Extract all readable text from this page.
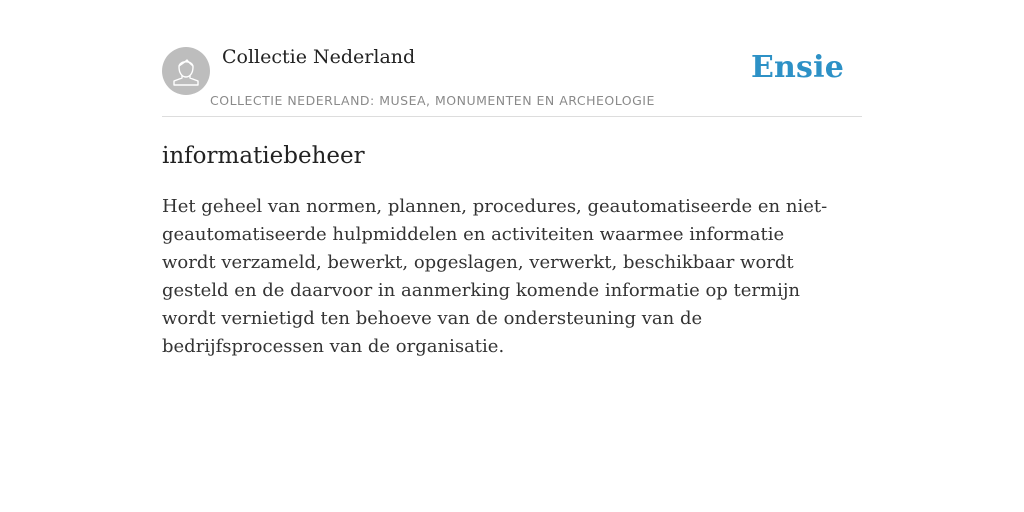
Collectie Nederland
COLLECTIE NEDERLAND: MUSEA, MONUMENTEN EN ARCHEOLOGIE
Ensie
informatiebeheer

Het geheel van normen, plannen, procedures, geautomatiseerde en niet-geautomatiseerde hulpmiddelen en activiteiten waarmee informatie wordt verzameld, bewerkt, opgeslagen, verwerkt, beschikbaar wordt gesteld en de daarvoor in aanmerking komende informatie op termijn wordt vernietigd ten behoeve van de ondersteuning van de bedrijfsprocessen van de organisatie.
